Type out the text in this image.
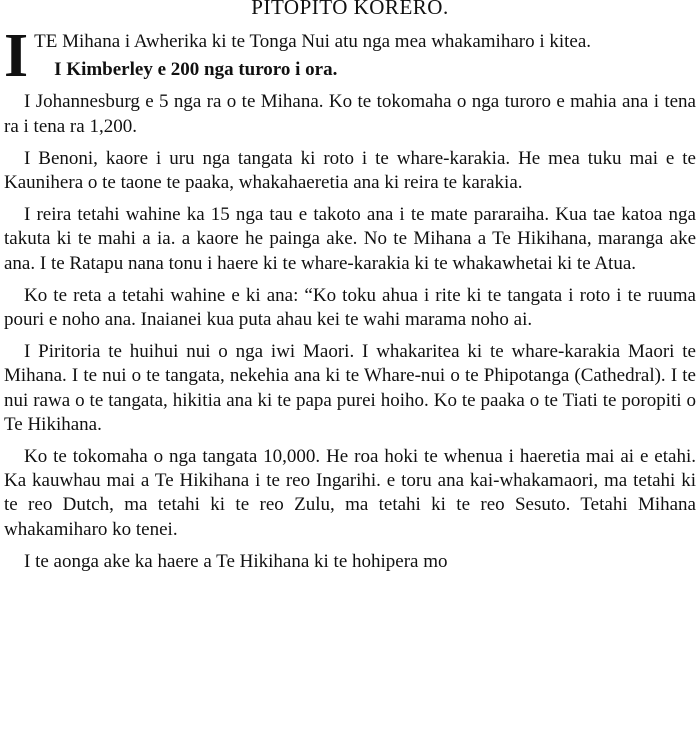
PITOPITO KORERO.

ITE Mihana i Awherika ki te Tonga Nui atu nga mea whakamiharo i kitea.

I Kimberley e 200 nga turoro i ora.

I Johannesburg e 5 nga ra o te Mihana. Ko te tokomaha o nga turoro e mahia ana i tena ra i tena ra 1,200.

I Benoni, kaore i uru nga tangata ki roto i te whare-karakia. He mea tuku mai e te Kaunihera o te taone te paaka, whakahaeretia ana ki reira te karakia.

I reira tetahi wahine ka 15 nga tau e takoto ana i te mate pararaiha. Kua tae katoa nga takuta ki te mahi a ia. a kaore he painga ake. No te Mihana a Te Hikihana, maranga ake ana. I te Ratapu nana tonu i haere ki te whare-karakia ki te whakawhetai ki te Atua.

Ko te reta a tetahi wahine e ki ana: “Ko toku ahua i rite ki te tangata i roto i te ruuma pouri e noho ana. Inaianei kua puta ahau kei te wahi marama noho ai.

I Piritoria te huihui nui o nga iwi Maori. I whakaritea ki te whare-karakia Maori te Mihana. I te nui o te tangata, nekehia ana ki te Whare-nui o te Phipotanga (Cathedral). I te nui rawa o te tangata, hikitia ana ki te papa purei hoiho. Ko te paaka o te Tiati te poropiti o Te Hikihana.

Ko te tokomaha o nga tangata 10,000. He roa hoki te whenua i haeretia mai ai e etahi. Ka kauwhau mai a Te Hikihana i te reo Ingarihi. e toru ana kai-whakamaori, ma tetahi ki te reo Dutch, ma tetahi ki te reo Zulu, ma tetahi ki te reo Sesuto. Tetahi Mihana whakamiharo ko tenei.

I te aonga ake ka haere a Te Hikihana ki te hohipera mo
